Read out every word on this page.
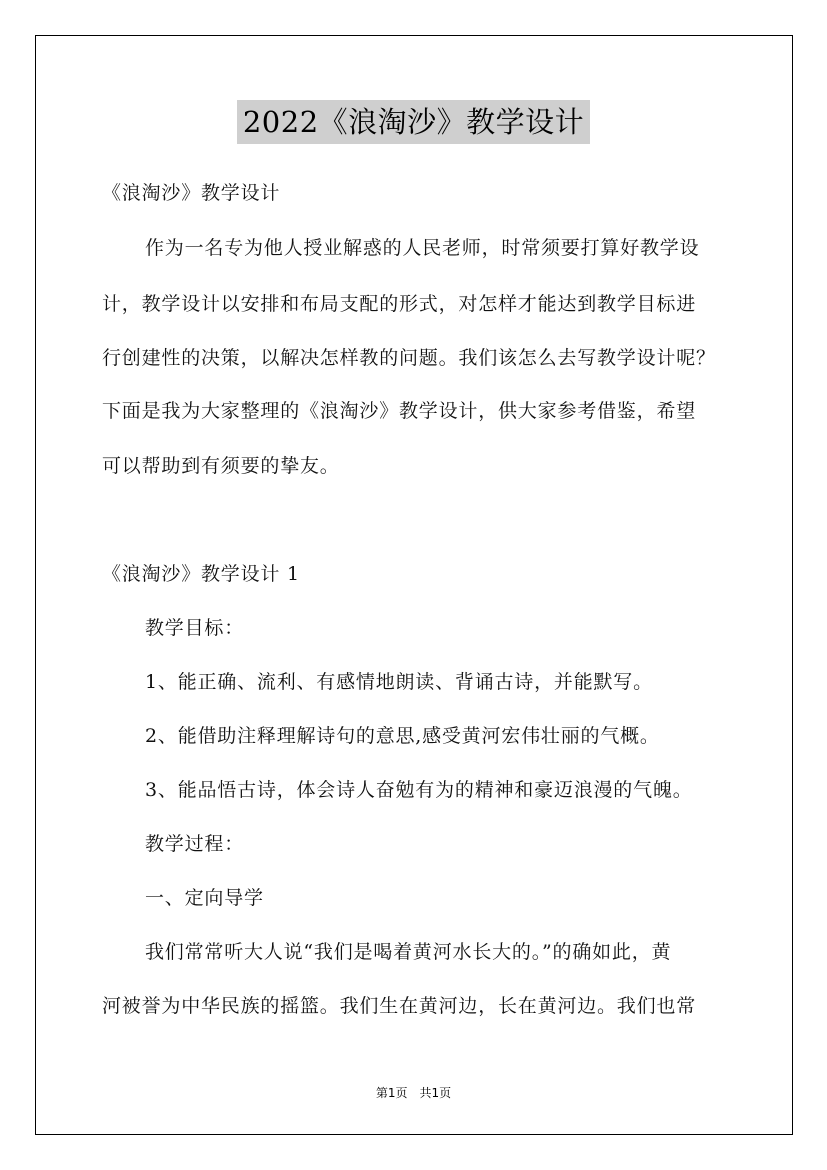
2022《浪淘沙》教学设计
《浪淘沙》教学设计
作为一名专为他人授业解惑的人民老师，时常须要打算好教学设
计，教学设计以安排和布局支配的形式，对怎样才能达到教学目标进
行创建性的决策，以解决怎样教的问题。我们该怎么去写教学设计呢？
下面是我为大家整理的《浪淘沙》教学设计，供大家参考借鉴，希望
可以帮助到有须要的挚友。
《浪淘沙》教学设计 1
教学目标：
1、能正确、流利、有感情地朗读、背诵古诗，并能默写。
2、能借助注释理解诗句的意思,感受黄河宏伟壮丽的气概。
3、能品悟古诗，体会诗人奋勉有为的精神和豪迈浪漫的气魄。
教学过程：
一、定向导学
我们常常听大人说“我们是喝着黄河水长大的。”的确如此，黄
河被誉为中华民族的摇篮。我们生在黄河边，长在黄河边。我们也常
第1页　共1页
